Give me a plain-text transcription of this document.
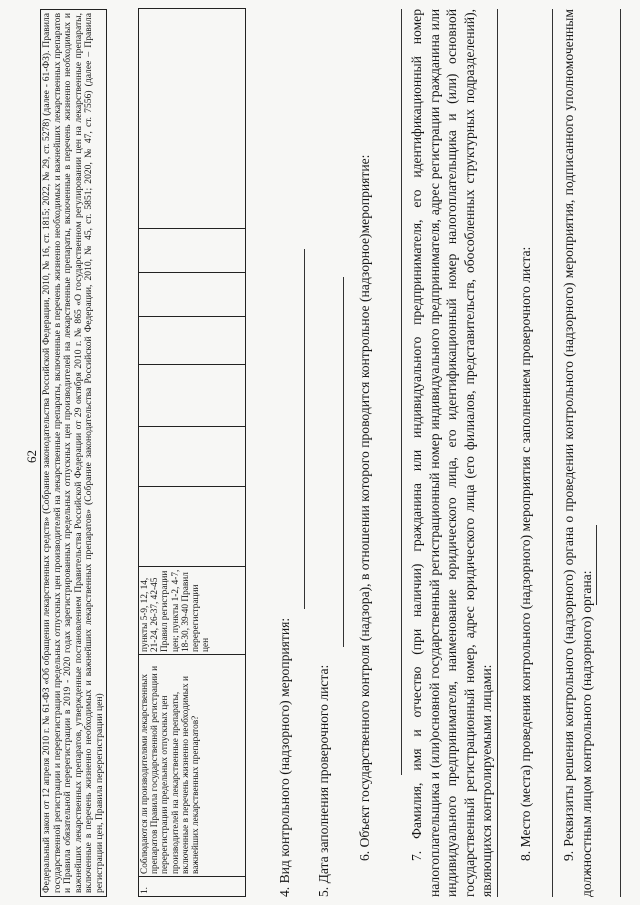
62 Федеральный закон от 12 апреля 2010 г. № 61-ФЗ «Об обращении лекарственных средств» (Собрание законодательства Российской Федерации, 2010, № 16, ст. 1815; 2022, № 29, ст. 5278) (далее - 61-ФЗ). Правила государственной регистрации и перерегистрации предельных отпускных цен производителей на лекарственные препараты, включенные в перечень жизненно необходимых и важнейших лекарственных препаратов и Правила обязательной перерегистрации в 2019 - 2020 годах зарегистрированных предельных отпускных цен производителей на лекарственные препараты, включенные в перечень жизненно необходимых и важнейших лекарственных препаратов, утвержденные постановлением Правительства Российской Федерации от 29 октября 2010 г. № 865 «О государственном регулировании цен на лекарственные препараты, включенные в перечень жизненно необходимых и важнейших лекарственных препаратов» (Собрание законодательства Российской Федерации, 2010, № 45, ст. 5851; 2020, № 47, ст. 7556) (далее – Правила регистрации цен, Правила перерегистрации цен)	1.	Соблюдаются ли производителями лекарственных препаратов Правила государственной регистрации и перерегистрации предельных отпускных цен производителей на лекарственные препараты, включенные в перечень жизненно необходимых и важнейших лекарственных препаратов?	пункты 5-9, 12, 14, 21-24, 26-37, 42-45 Правил регистрации цен; пункты 1-2, 4-7, 18-30, 39-40 Правил перерегистрации цен								4. Вид контрольного (надзорного) мероприятия: 5. Дата заполнения проверочного листа: 6. Объект государственного контроля (надзора), в отношении которого проводится контрольное (надзорное)мероприятие:	7. Фамилия, имя и отчество (при наличии) гражданина или индивидуального предпринимателя, его идентификационный номер налогоплательщика и (или)основной государственный регистрационный номер индивидуального предпринимателя, адрес регистрации гражданина или индивидуального предпринимателя, наименование юридического лица, его идентификационный номер налогоплательщика и (или) основной государственный регистрационный номер, адрес юридического лица (его филиалов, представительств, обособленных структурных подразделений), являющихся контролируемыми лицами: 8. Место (места) проведения контрольного (надзорного) мероприятия с заполнением проверочного листа: 9. Реквизиты решения контрольного (надзорного) органа о проведении контрольного (надзорного) мероприятия, подписанного уполномоченным должностным лицом контрольного (надзорного) органа:
